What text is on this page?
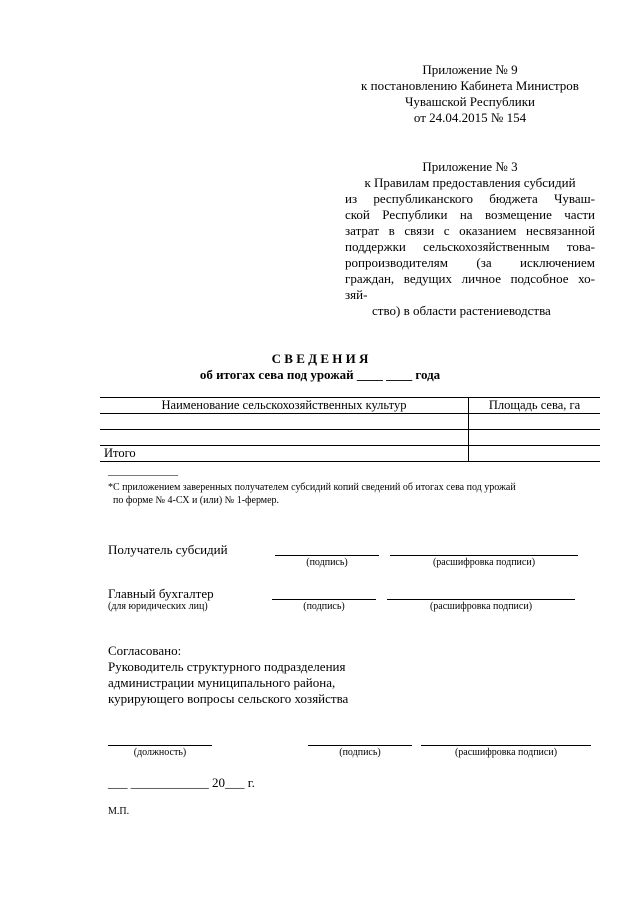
Приложение № 9
к постановлению Кабинета Министров
Чувашской Республики
от 24.04.2015 № 154
Приложение № 3
к Правилам предоставления субсидий
из республиканского бюджета Чуваш-
ской Республики на возмещение части
затрат в связи с оказанием несвязанной
поддержки сельскохозяйственным това-
ропроизводителям (за исключением
граждан, ведущих личное подсобное хо-
зяй-
ство) в области растениеводства
С В Е Д Е Н И Я
об итогах сева под урожай ____ ____ года
Наименование сельскохозяйственных культур	Площадь сева, га

Итого	
______________
*С приложением заверенных получателем субсидий копий сведений об итогах сева под урожай
по форме № 4-СХ и (или) № 1-фермер.
Получатель субсидий
(подпись)	(расшифровка подписи)
Главный бухгалтер
(для юридических лиц)	(подпись)	(расшифровка подписи)
Согласовано:
Руководитель структурного подразделения
администрации муниципального района,
курирующего вопросы сельского хозяйства
(должность)	(подпись)	(расшифровка подписи)
___ ____________ 20___ г.
М.П.
